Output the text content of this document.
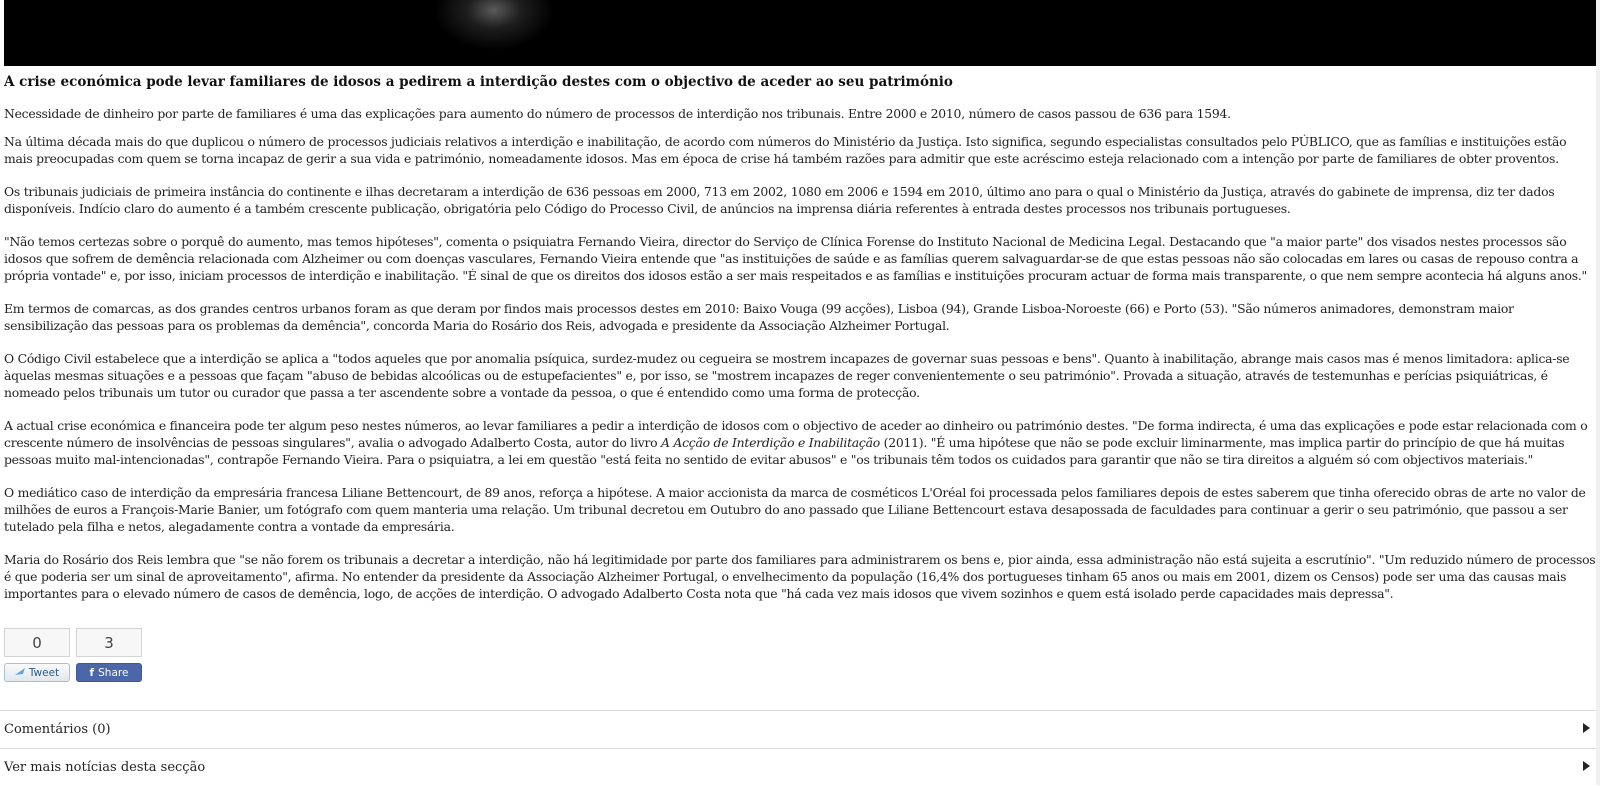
A crise económica pode levar familiares de idosos a pedirem a interdição destes com o objectivo de aceder ao seu património

Necessidade de dinheiro por parte de familiares é uma das explicações para aumento do número de processos de interdição nos tribunais. Entre 2000 e 2010, número de casos passou de 636 para 1594.

Na última década mais do que duplicou o número de processos judiciais relativos a interdição e inabilitação, de acordo com números do Ministério da Justiça. Isto significa, segundo especialistas consultados pelo PÚBLICO, que as famílias e instituições estão mais preocupadas com quem se torna incapaz de gerir a sua vida e património, nomeadamente idosos. Mas em época de crise há também razões para admitir que este acréscimo esteja relacionado com a intenção por parte de familiares de obter proventos.

Os tribunais judiciais de primeira instância do continente e ilhas decretaram a interdição de 636 pessoas em 2000, 713 em 2002, 1080 em 2006 e 1594 em 2010, último ano para o qual o Ministério da Justiça, através do gabinete de imprensa, diz ter dados disponíveis. Indício claro do aumento é a também crescente publicação, obrigatória pelo Código do Processo Civil, de anúncios na imprensa diária referentes à entrada destes processos nos tribunais portugueses.

"Não temos certezas sobre o porquê do aumento, mas temos hipóteses", comenta o psiquiatra Fernando Vieira, director do Serviço de Clínica Forense do Instituto Nacional de Medicina Legal. Destacando que "a maior parte" dos visados nestes processos são idosos que sofrem de demência relacionada com Alzheimer ou com doenças vasculares, Fernando Vieira entende que "as instituições de saúde e as famílias querem salvaguardar-se de que estas pessoas não são colocadas em lares ou casas de repouso contra a própria vontade" e, por isso, iniciam processos de interdição e inabilitação. "É sinal de que os direitos dos idosos estão a ser mais respeitados e as famílias e instituições procuram actuar de forma mais transparente, o que nem sempre acontecia há alguns anos."

Em termos de comarcas, as dos grandes centros urbanos foram as que deram por findos mais processos destes em 2010: Baixo Vouga (99 acções), Lisboa (94), Grande Lisboa-Noroeste (66) e Porto (53). "São números animadores, demonstram maior sensibilização das pessoas para os problemas da demência", concorda Maria do Rosário dos Reis, advogada e presidente da Associação Alzheimer Portugal.

O Código Civil estabelece que a interdição se aplica a "todos aqueles que por anomalia psíquica, surdez-mudez ou cegueira se mostrem incapazes de governar suas pessoas e bens". Quanto à inabilitação, abrange mais casos mas é menos limitadora: aplica-se àquelas mesmas situações e a pessoas que façam "abuso de bebidas alcoólicas ou de estupefacientes" e, por isso, se "mostrem incapazes de reger convenientemente o seu património". Provada a situação, através de testemunhas e perícias psiquiátricas, é nomeado pelos tribunais um tutor ou curador que passa a ter ascendente sobre a vontade da pessoa, o que é entendido como uma forma de protecção.

A actual crise económica e financeira pode ter algum peso nestes números, ao levar familiares a pedir a interdição de idosos com o objectivo de aceder ao dinheiro ou património destes. "De forma indirecta, é uma das explicações e pode estar relacionada com o crescente número de insolvências de pessoas singulares", avalia o advogado Adalberto Costa, autor do livro A Acção de Interdição e Inabilitação (2011). "É uma hipótese que não se pode excluir liminarmente, mas implica partir do princípio de que há muitas pessoas muito mal-intencionadas", contrapõe Fernando Vieira. Para o psiquiatra, a lei em questão "está feita no sentido de evitar abusos" e "os tribunais têm todos os cuidados para garantir que não se tira direitos a alguém só com objectivos materiais."

O mediático caso de interdição da empresária francesa Liliane Bettencourt, de 89 anos, reforça a hipótese. A maior accionista da marca de cosméticos L'Oréal foi processada pelos familiares depois de estes saberem que tinha oferecido obras de arte no valor de milhões de euros a François-Marie Banier, um fotógrafo com quem manteria uma relação. Um tribunal decretou em Outubro do ano passado que Liliane Bettencourt estava desapossada de faculdades para continuar a gerir o seu património, que passou a ser tutelado pela filha e netos, alegadamente contra a vontade da empresária.

Maria do Rosário dos Reis lembra que "se não forem os tribunais a decretar a interdição, não há legitimidade por parte dos familiares para administrarem os bens e, pior ainda, essa administração não está sujeita a escrutínio". "Um reduzido número de processos é que poderia ser um sinal de aproveitamento", afirma. No entender da presidente da Associação Alzheimer Portugal, o envelhecimento da população (16,4% dos portugueses tinham 65 anos ou mais em 2001, dizem os Censos) pode ser uma das causas mais importantes para o elevado número de casos de demência, logo, de acções de interdição. O advogado Adalberto Costa nota que "há cada vez mais idosos que vivem sozinhos e quem está isolado perde capacidades mais depressa".

0	3
Tweet	f Share
Comentários (0)
Ver mais notícias desta secção
